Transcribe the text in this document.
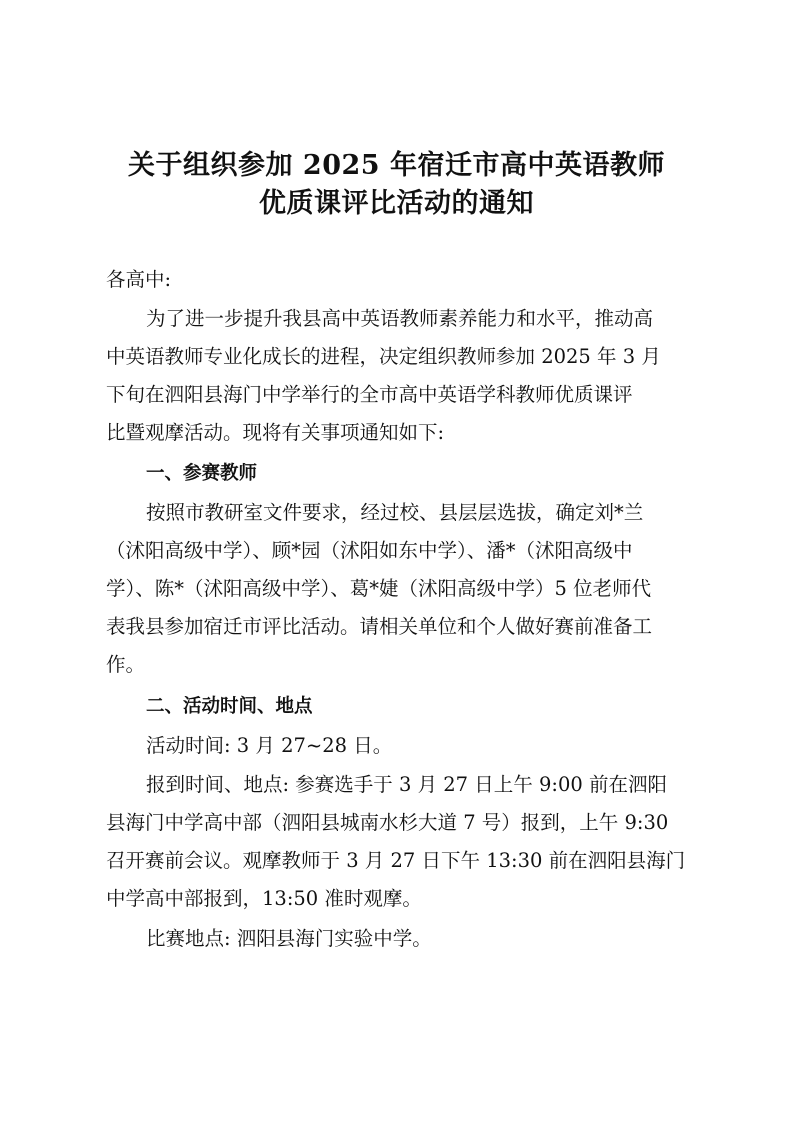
关于组织参加 2025 年宿迁市高中英语教师
优质课评比活动的通知
各高中:
为了进一步提升我县高中英语教师素养能力和水平，推动高
中英语教师专业化成长的进程，决定组织教师参加 2025 年 3 月
下旬在泗阳县海门中学举行的全市高中英语学科教师优质课评
比暨观摩活动。现将有关事项通知如下:
一、参赛教师
按照市教研室文件要求，经过校、县层层选拔，确定刘*兰
（沭阳高级中学）、顾*园（沭阳如东中学）、潘*（沭阳高级中
学）、陈*（沭阳高级中学）、葛*婕（沭阳高级中学）5 位老师代
表我县参加宿迁市评比活动。请相关单位和个人做好赛前准备工
作。
二、活动时间、地点
活动时间: 3 月 27~28 日。
报到时间、地点: 参赛选手于 3 月 27 日上午 9:00 前在泗阳
县海门中学高中部（泗阳县城南水杉大道 7 号）报到，上午 9:30
召开赛前会议。观摩教师于 3 月 27 日下午 13:30 前在泗阳县海门
中学高中部报到，13:50 准时观摩。
比赛地点: 泗阳县海门实验中学。
